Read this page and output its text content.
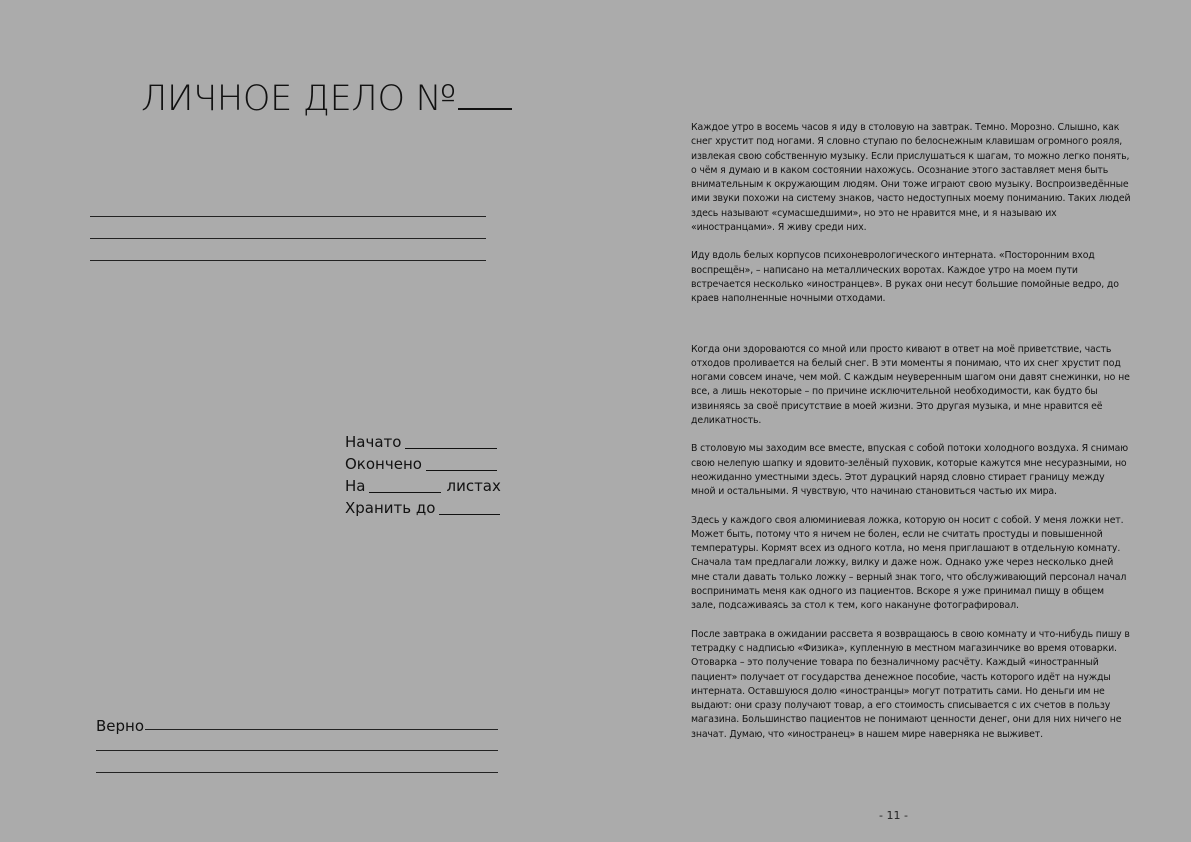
ЛИЧНОЕ ДЕЛО №
Начато
Окончено
На	листах
Хранить до
Верно

Каждое утро в восемь часов я иду в столовую на завтрак. Темно. Морозно. Слышно, как снег хрустит под ногами. Я словно ступаю по белоснежным клавишам огромного рояля, извлекая свою собственную музыку. Если прислушаться к шагам, то можно легко понять, о чём я думаю и в каком состоянии нахожусь. Осознание этого заставляет меня быть внимательным к окружающим людям. Они тоже играют свою музыку. Воспроизведённые ими звуки похожи на систему знаков, часто недоступных моему пониманию. Таких людей здесь называют «сумасшедшими», но это не нравится мне, и я называю их «иностранцами». Я живу среди них.

Иду вдоль белых корпусов психоневрологического интерната. «Посторонним вход воспрещён», – написано на металлических воротах. Каждое утро на моем пути встречается несколько «иностранцев». В руках они несут большие помойные ведро, до краев наполненные ночными отходами.

Когда они здороваются со мной или просто кивают в ответ на моё приветствие, часть отходов проливается на белый снег. В эти моменты я понимаю, что их снег хрустит под ногами совсем иначе, чем мой. С каждым неуверенным шагом они давят снежинки, но не все, а лишь некоторые – по причине исключительной необходимости, как будто бы извиняясь за своё присутствие в моей жизни. Это другая музыка, и мне нравится её деликатность.

В столовую мы заходим все вместе, впуская с собой потоки холодного воздуха. Я снимаю свою нелепую шапку и ядовито-зелёный пуховик, которые кажутся мне несуразными, но неожиданно уместными здесь. Этот дурацкий наряд словно стирает границу между мной и остальными. Я чувствую, что начинаю становиться частью их мира.

Здесь у каждого своя алюминиевая ложка, которую он носит с собой. У меня ложки нет. Может быть, потому что я ничем не болен, если не считать простуды и повышенной температуры. Кормят всех из одного котла, но меня приглашают в отдельную комнату. Сначала там предлагали ложку, вилку и даже нож. Однако уже через несколько дней мне стали давать только ложку – верный знак того, что обслуживающий персонал начал воспринимать меня как одного из пациентов. Вскоре я уже принимал пищу в общем зале, подсаживаясь за стол к тем, кого накануне фотографировал.

После завтрака в ожидании рассвета я возвращаюсь в свою комнату и что-нибудь пишу в тетрадку с надписью «Физика», купленную в местном магазинчике во время отоварки. Отоварка – это получение товара по безналичному расчёту. Каждый «иностранный пациент» получает от государства денежное пособие, часть которого идёт на нужды интерната. Оставшуюся долю «иностранцы» могут потратить сами. Но деньги им не выдают: они сразу получают товар, а его стоимость списывается с их счетов в пользу магазина. Большинство пациентов не понимают ценности денег, они для них ничего не значат. Думаю, что «иностранец» в нашем мире наверняка не выживет.

- 11 -
